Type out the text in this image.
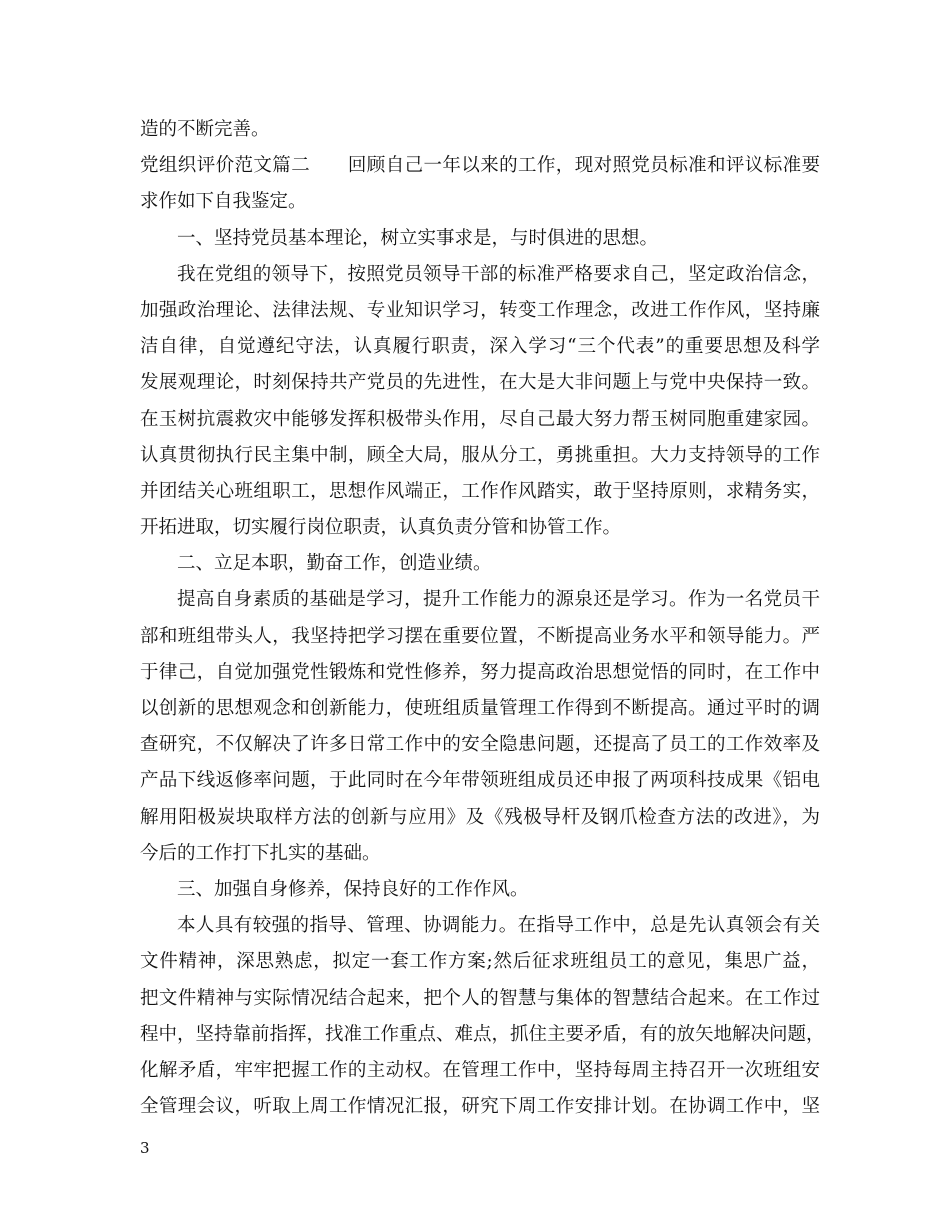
造的不断完善。
党组织评价范文篇二　　回顾自己一年以来的工作，现对照党员标准和评议标准要
求作如下自我鉴定。
一、坚持党员基本理论，树立实事求是，与时俱进的思想。
我在党组的领导下，按照党员领导干部的标准严格要求自己，坚定政治信念，
加强政治理论、法律法规、专业知识学习，转变工作理念，改进工作作风，坚持廉
洁自律，自觉遵纪守法，认真履行职责，深入学习“三个代表”的重要思想及科学
发展观理论，时刻保持共产党员的先进性，在大是大非问题上与党中央保持一致。
在玉树抗震救灾中能够发挥积极带头作用，尽自己最大努力帮玉树同胞重建家园。
认真贯彻执行民主集中制，顾全大局，服从分工，勇挑重担。大力支持领导的工作
并团结关心班组职工，思想作风端正，工作作风踏实，敢于坚持原则，求精务实，
开拓进取，切实履行岗位职责，认真负责分管和协管工作。
二、立足本职，勤奋工作，创造业绩。
提高自身素质的基础是学习，提升工作能力的源泉还是学习。作为一名党员干
部和班组带头人，我坚持把学习摆在重要位置，不断提高业务水平和领导能力。严
于律己，自觉加强党性锻炼和党性修养，努力提高政治思想觉悟的同时，在工作中
以创新的思想观念和创新能力，使班组质量管理工作得到不断提高。通过平时的调
查研究，不仅解决了许多日常工作中的安全隐患问题，还提高了员工的工作效率及
产品下线返修率问题，于此同时在今年带领班组成员还申报了两项科技成果《铝电
解用阳极炭块取样方法的创新与应用》及《残极导杆及钢爪检查方法的改进》，为
今后的工作打下扎实的基础。
三、加强自身修养，保持良好的工作作风。
本人具有较强的指导、管理、协调能力。在指导工作中，总是先认真领会有关
文件精神，深思熟虑，拟定一套工作方案;然后征求班组员工的意见，集思广益，
把文件精神与实际情况结合起来，把个人的智慧与集体的智慧结合起来。在工作过
程中，坚持靠前指挥，找准工作重点、难点，抓住主要矛盾，有的放矢地解决问题，
化解矛盾，牢牢把握工作的主动权。在管理工作中，坚持每周主持召开一次班组安
全管理会议，听取上周工作情况汇报，研究下周工作安排计划。在协调工作中，坚
3
